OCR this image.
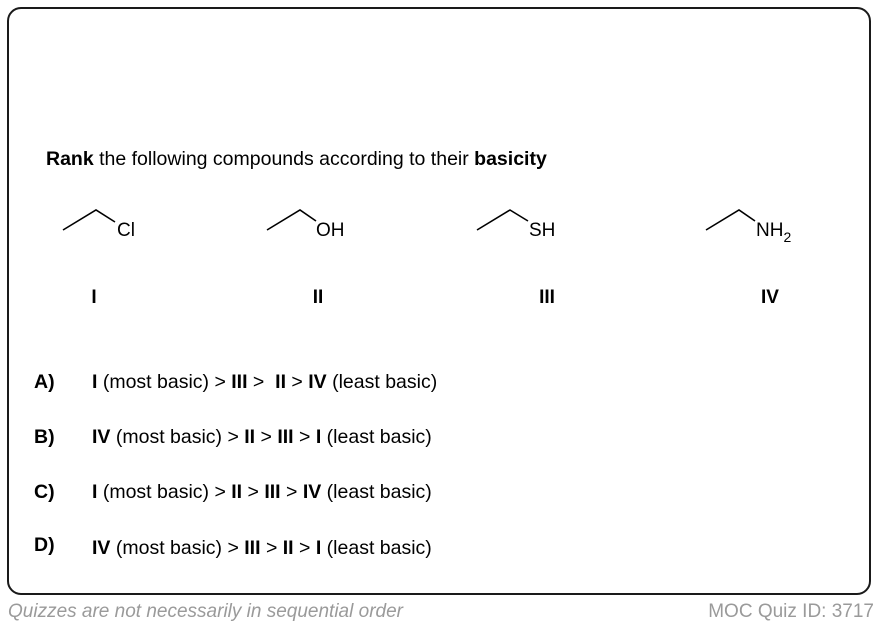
Rank the following compounds according to their basicity
Cl	OH	SH	$NH_2$
I	II	III	IV
A) I (most basic) > III >  II > IV (least basic)
B) IV (most basic) > II > III > I (least basic)
C) I (most basic) > II > III > IV (least basic)
D) IV (most basic) > III > II > I (least basic)
Quizzes are not necessarily in sequential order	MOC Quiz ID: 3717
